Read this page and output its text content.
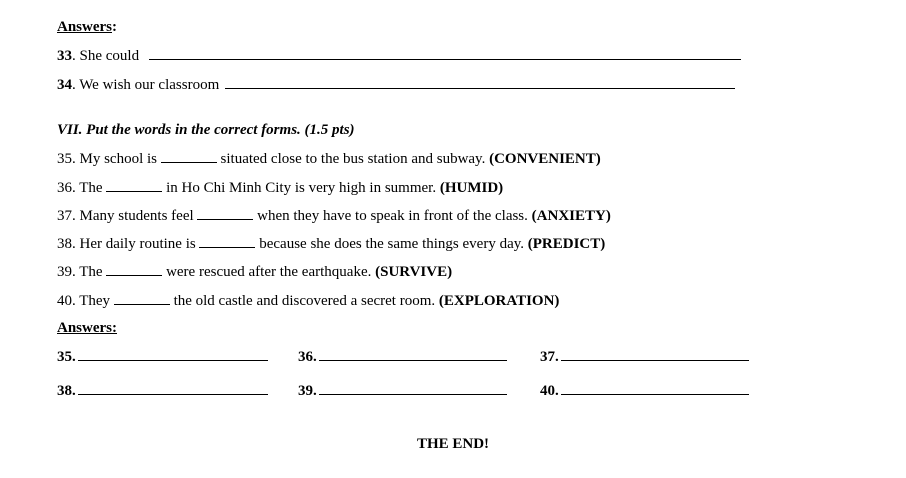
Answers:
33. She could
34. We wish our classroom
VII. Put the words in the correct forms. (1.5 pts)
35. My school is	situated close to the bus station and subway. (CONVENIENT)
36. The	in Ho Chi Minh City is very high in summer. (HUMID)
37. Many students feel	when they have to speak in front of the class. (ANXIETY)
38. Her daily routine is	because she does the same things every day. (PREDICT)
39. The	were rescued after the earthquake. (SURVIVE)
40. They	the old castle and discovered a secret room. (EXPLORATION)
Answers:
35.	36.	37.
38.	39.	40.
THE END!
